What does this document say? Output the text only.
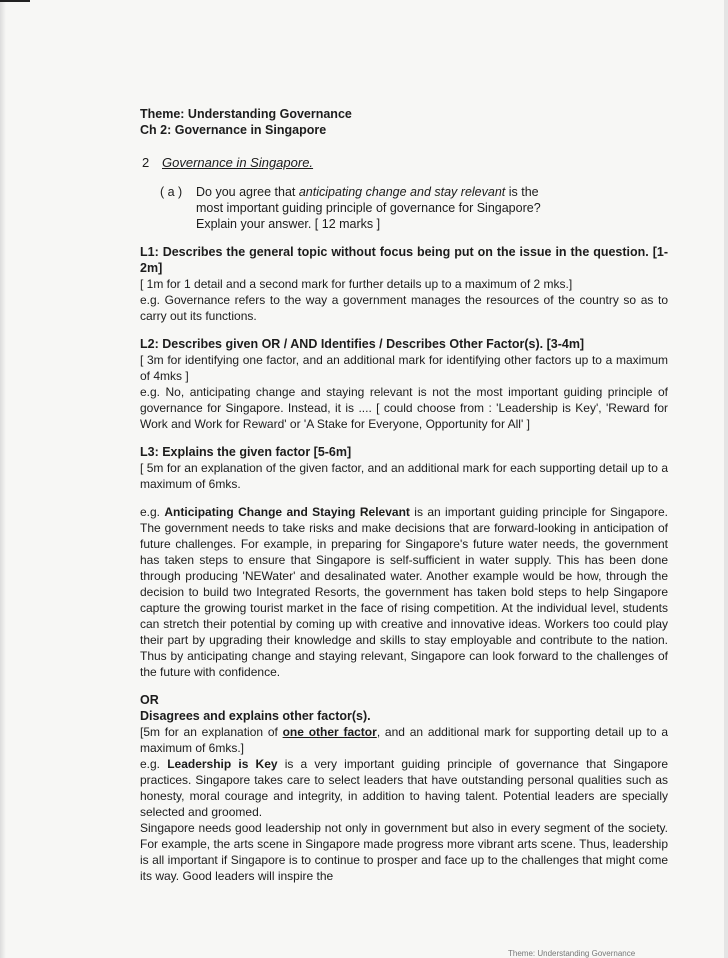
Theme: Understanding Governance
Ch 2: Governance in Singapore
2 Governance in Singapore.
( a ) Do you agree that anticipating change and stay relevant is the
most important guiding principle of governance for Singapore?
Explain your answer. [ 12 marks ]
L1: Describes the general topic without focus being put on the issue in the question. [1-2m]

[ 1m for 1 detail and a second mark for further details up to a maximum of 2 mks.]

e.g. Governance refers to the way a government manages the resources of the country so as to carry out its functions.

L2: Describes given OR / AND Identifies / Describes Other Factor(s). [3-4m]

[ 3m for identifying one factor, and an additional mark for identifying other factors up to a maximum of 4mks ]

e.g. No, anticipating change and staying relevant is not the most important guiding principle of governance for Singapore. Instead, it is .... [ could choose from : 'Leadership is Key', 'Reward for Work and Work for Reward' or 'A Stake for Everyone, Opportunity for All' ]

L3: Explains the given factor [5-6m]

[ 5m for an explanation of the given factor, and an additional mark for each supporting detail up to a maximum of 6mks.

e.g. Anticipating Change and Staying Relevant is an important guiding principle for Singapore. The government needs to take risks and make decisions that are forward-looking in anticipation of future challenges. For example, in preparing for Singapore's future water needs, the government has taken steps to ensure that Singapore is self-sufficient in water supply. This has been done through producing 'NEWater' and desalinated water. Another example would be how, through the decision to build two Integrated Resorts, the government has taken bold steps to help Singapore capture the growing tourist market in the face of rising competition. At the individual level, students can stretch their potential by coming up with creative and innovative ideas. Workers too could play their part by upgrading their knowledge and skills to stay employable and contribute to the nation. Thus by anticipating change and staying relevant, Singapore can look forward to the challenges of the future with confidence.

OR
Disagrees and explains other factor(s).

[5m for an explanation of one other factor, and an additional mark for supporting detail up to a maximum of 6mks.]

e.g. Leadership is Key is a very important guiding principle of governance that Singapore practices. Singapore takes care to select leaders that have outstanding personal qualities such as honesty, moral courage and integrity, in addition to having talent. Potential leaders are specially selected and groomed.

Singapore needs good leadership not only in government but also in every segment of the society. For example, the arts scene in Singapore made progress more vibrant arts scene. Thus, leadership is all important if Singapore is to continue to prosper and face up to the challenges that might come its way. Good leaders will inspire the

Theme: Understanding Governance
